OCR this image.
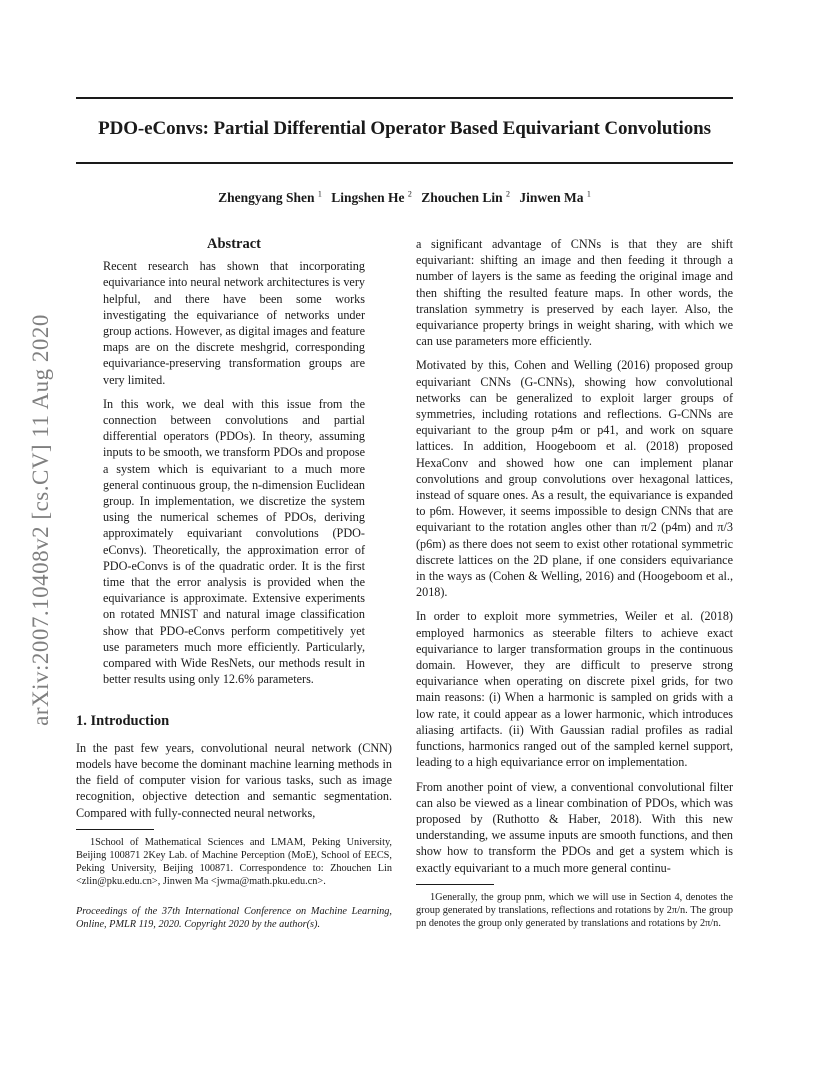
PDO-eConvs: Partial Differential Operator Based Equivariant Convolutions
Zhengyang Shen $^1$ Lingshen He $^2$ Zhouchen Lin $^2$ Jinwen Ma $^1$
arXiv:2007.10408v2 [cs.CV] 11 Aug 2020
Abstract

Recent research has shown that incorporating equivariance into neural network architectures is very helpful, and there have been some works investigating the equivariance of networks under group actions. However, as digital images and feature maps are on the discrete meshgrid, corresponding equivariance-preserving transformation groups are very limited.

In this work, we deal with this issue from the connection between convolutions and partial differential operators (PDOs). In theory, assuming inputs to be smooth, we transform PDOs and propose a system which is equivariant to a much more general continuous group, the n-dimension Euclidean group. In implementation, we discretize the system using the numerical schemes of PDOs, deriving approximately equivariant convolutions (PDO-eConvs). Theoretically, the approximation error of PDO-eConvs is of the quadratic order. It is the first time that the error analysis is provided when the equivariance is approximate. Extensive experiments on rotated MNIST and natural image classification show that PDO-eConvs perform competitively yet use parameters much more efficiently. Particularly, compared with Wide ResNets, our methods result in better results using only 12.6% parameters.

1. Introduction

In the past few years, convolutional neural network (CNN) models have become the dominant machine learning methods in the field of computer vision for various tasks, such as image recognition, objective detection and semantic segmentation. Compared with fully-connected neural networks,

1School of Mathematical Sciences and LMAM, Peking University, Beijing 100871 2Key Lab. of Machine Perception (MoE), School of EECS, Peking University, Beijing 100871. Correspondence to: Zhouchen Lin <zlin@pku.edu.cn>, Jinwen Ma <jwma@math.pku.edu.cn>.

Proceedings of the 37th International Conference on Machine Learning, Online, PMLR 119, 2020. Copyright 2020 by the author(s).

a significant advantage of CNNs is that they are shift equivariant: shifting an image and then feeding it through a number of layers is the same as feeding the original image and then shifting the resulted feature maps. In other words, the translation symmetry is preserved by each layer. Also, the equivariance property brings in weight sharing, with which we can use parameters more efficiently.

Motivated by this, Cohen and Welling (2016) proposed group equivariant CNNs (G-CNNs), showing how convolutional networks can be generalized to exploit larger groups of symmetries, including rotations and reflections. G-CNNs are equivariant to the group p4m or p41, and work on square lattices. In addition, Hoogeboom et al. (2018) proposed HexaConv and showed how one can implement planar convolutions and group convolutions over hexagonal lattices, instead of square ones. As a result, the equivariance is expanded to p6m. However, it seems impossible to design CNNs that are equivariant to the rotation angles other than π/2 (p4m) and π/3 (p6m) as there does not seem to exist other rotational symmetric discrete lattices on the 2D plane, if one considers equivariance in the ways as (Cohen & Welling, 2016) and (Hoogeboom et al., 2018).

In order to exploit more symmetries, Weiler et al. (2018) employed harmonics as steerable filters to achieve exact equivariance to larger transformation groups in the continuous domain. However, they are difficult to preserve strong equivariance when operating on discrete pixel grids, for two main reasons: (i) When a harmonic is sampled on grids with a low rate, it could appear as a lower harmonic, which introduces aliasing artifacts. (ii) With Gaussian radial profiles as radial functions, harmonics ranged out of the sampled kernel support, leading to a high equivariance error on implementation.

From another point of view, a conventional convolutional filter can also be viewed as a linear combination of PDOs, which was proposed by (Ruthotto & Haber, 2018). With this new understanding, we assume inputs are smooth functions, and then show how to transform the PDOs and get a system which is exactly equivariant to a much more general continu-

1Generally, the group pnm, which we will use in Section 4, denotes the group generated by translations, reflections and rotations by 2π/n. The group pn denotes the group only generated by translations and rotations by 2π/n.
